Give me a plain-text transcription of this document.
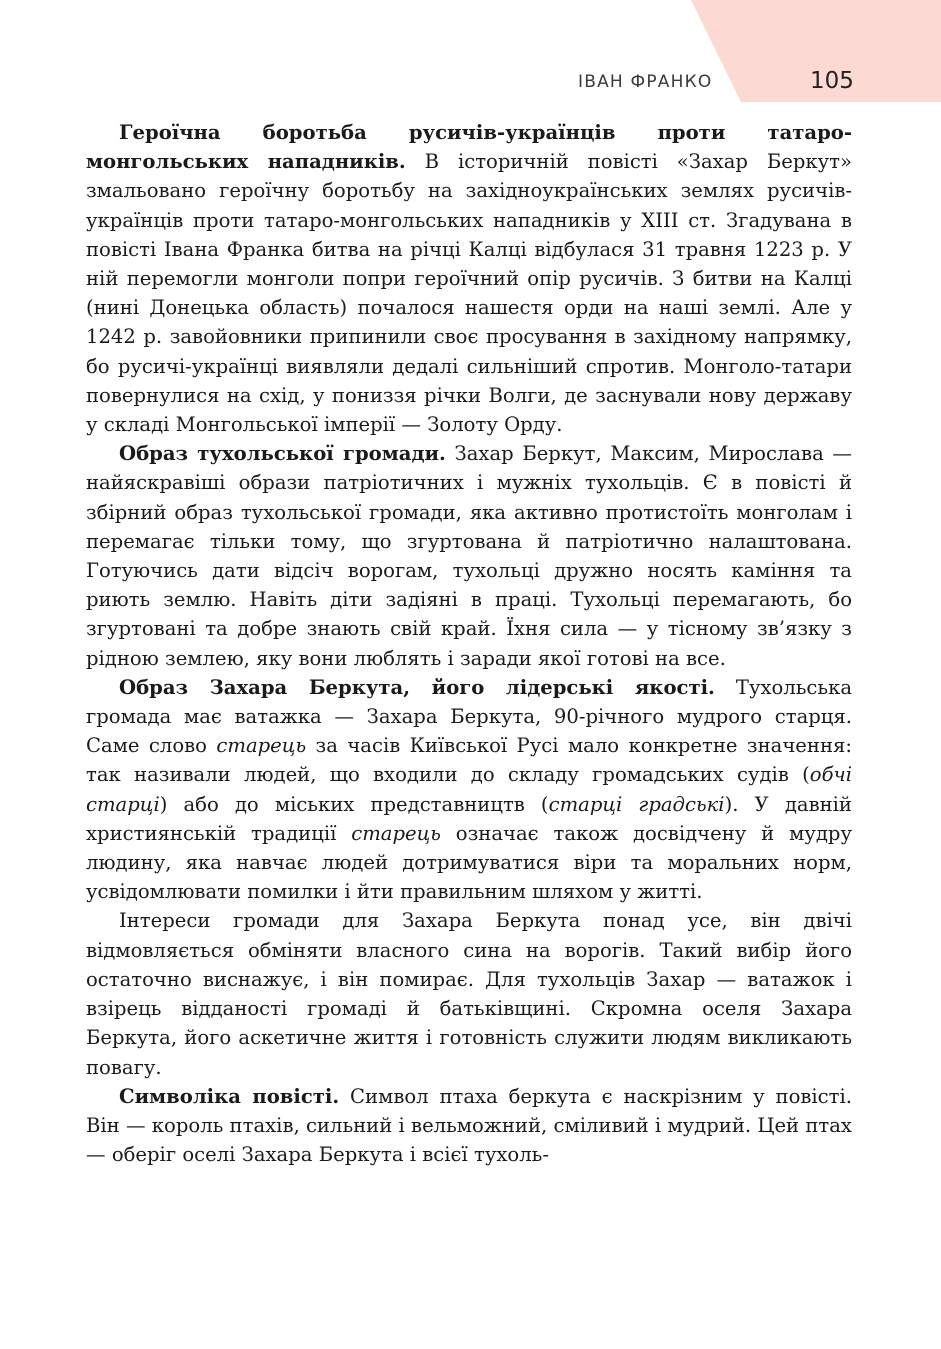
ІВАН ФРАНКО	105

Героїчна боротьба русичів-українців проти татаро-монгольських нападників. В історичній повісті «Захар Беркут» змальовано героїчну боротьбу на західноукраїнських землях русичів-українців проти татаро-монгольських нападників у XIII ст. Згадувана в повісті Івана Франка битва на річці Калці відбулася 31 травня 1223 р. У ній перемогли монголи попри героїчний опір русичів. З битви на Калці (нині Донецька область) почалося нашестя орди на наші землі. Але у 1242 р. завойовники припинили своє просування в західному напрямку, бо русичі-українці виявляли дедалі сильніший спротив. Монголо-татари повернулися на схід, у пониззя річки Волги, де заснували нову державу у складі Монгольської імперії — Золоту Орду.

Образ тухольської громади. Захар Беркут, Максим, Мирослава — найяскравіші образи патріотичних і мужніх тухольців. Є в повісті й збірний образ тухольської громади, яка активно протистоїть монголам і перемагає тільки тому, що згуртована й патріотично налаштована. Готуючись дати відсіч ворогам, тухольці дружно носять каміння та риють землю. Навіть діти задіяні в праці. Тухольці перемагають, бо згуртовані та добре знають свій край. Їхня сила — у тісному зв’язку з рідною землею, яку вони люблять і заради якої готові на все.

Образ Захара Беркута, його лідерські якості. Тухольська громада має ватажка — Захара Беркута, 90-річного мудрого старця. Саме слово старець за часів Київської Русі мало конкретне значення: так називали людей, що входили до складу громадських судів (обчі старці) або до міських представництв (старці градські). У давній християнській традиції старець означає також досвідчену й мудру людину, яка навчає людей дотримуватися віри та моральних норм, усвідомлювати помилки і йти правильним шляхом у житті.

Інтереси громади для Захара Беркута понад усе, він двічі відмовляється обміняти власного сина на ворогів. Такий вибір його остаточно виснажує, і він помирає. Для тухольців Захар — ватажок і взірець відданості громаді й батьківщині. Скромна оселя Захара Беркута, його аскетичне життя і готовність служити людям викликають повагу.

Символіка повісті. Символ птаха беркута є наскрізним у повісті. Він — король птахів, сильний і вельможний, сміливий і мудрий. Цей птах — оберіг оселі Захара Беркута і всієї тухоль-
